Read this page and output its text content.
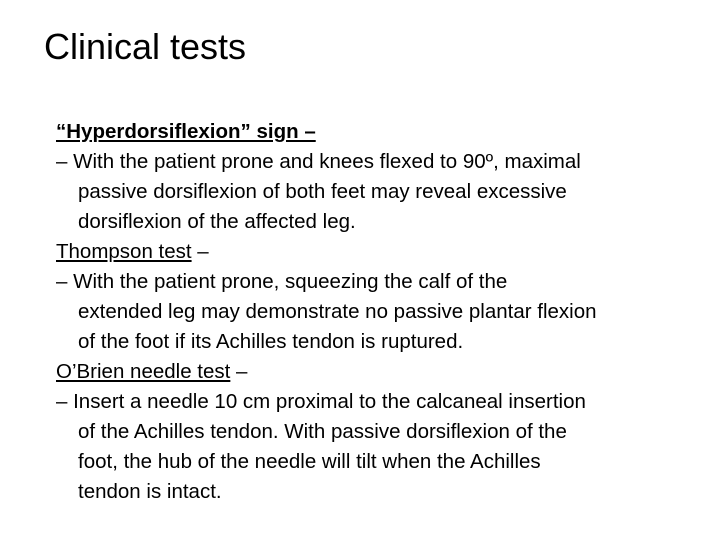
Clinical tests
“Hyperdorsiflexion” sign –
– With the patient prone and knees flexed to 90º, maximal
passive dorsiflexion of both feet may reveal excessive
dorsiflexion of the affected leg.
Thompson test –
– With the patient prone, squeezing the calf of the
extended leg may demonstrate no passive plantar flexion
of the foot if its Achilles tendon is ruptured.
O’Brien needle test –
– Insert a needle 10 cm proximal to the calcaneal insertion
of the Achilles tendon. With passive dorsiflexion of the
foot, the hub of the needle will tilt when the Achilles
tendon is intact.
